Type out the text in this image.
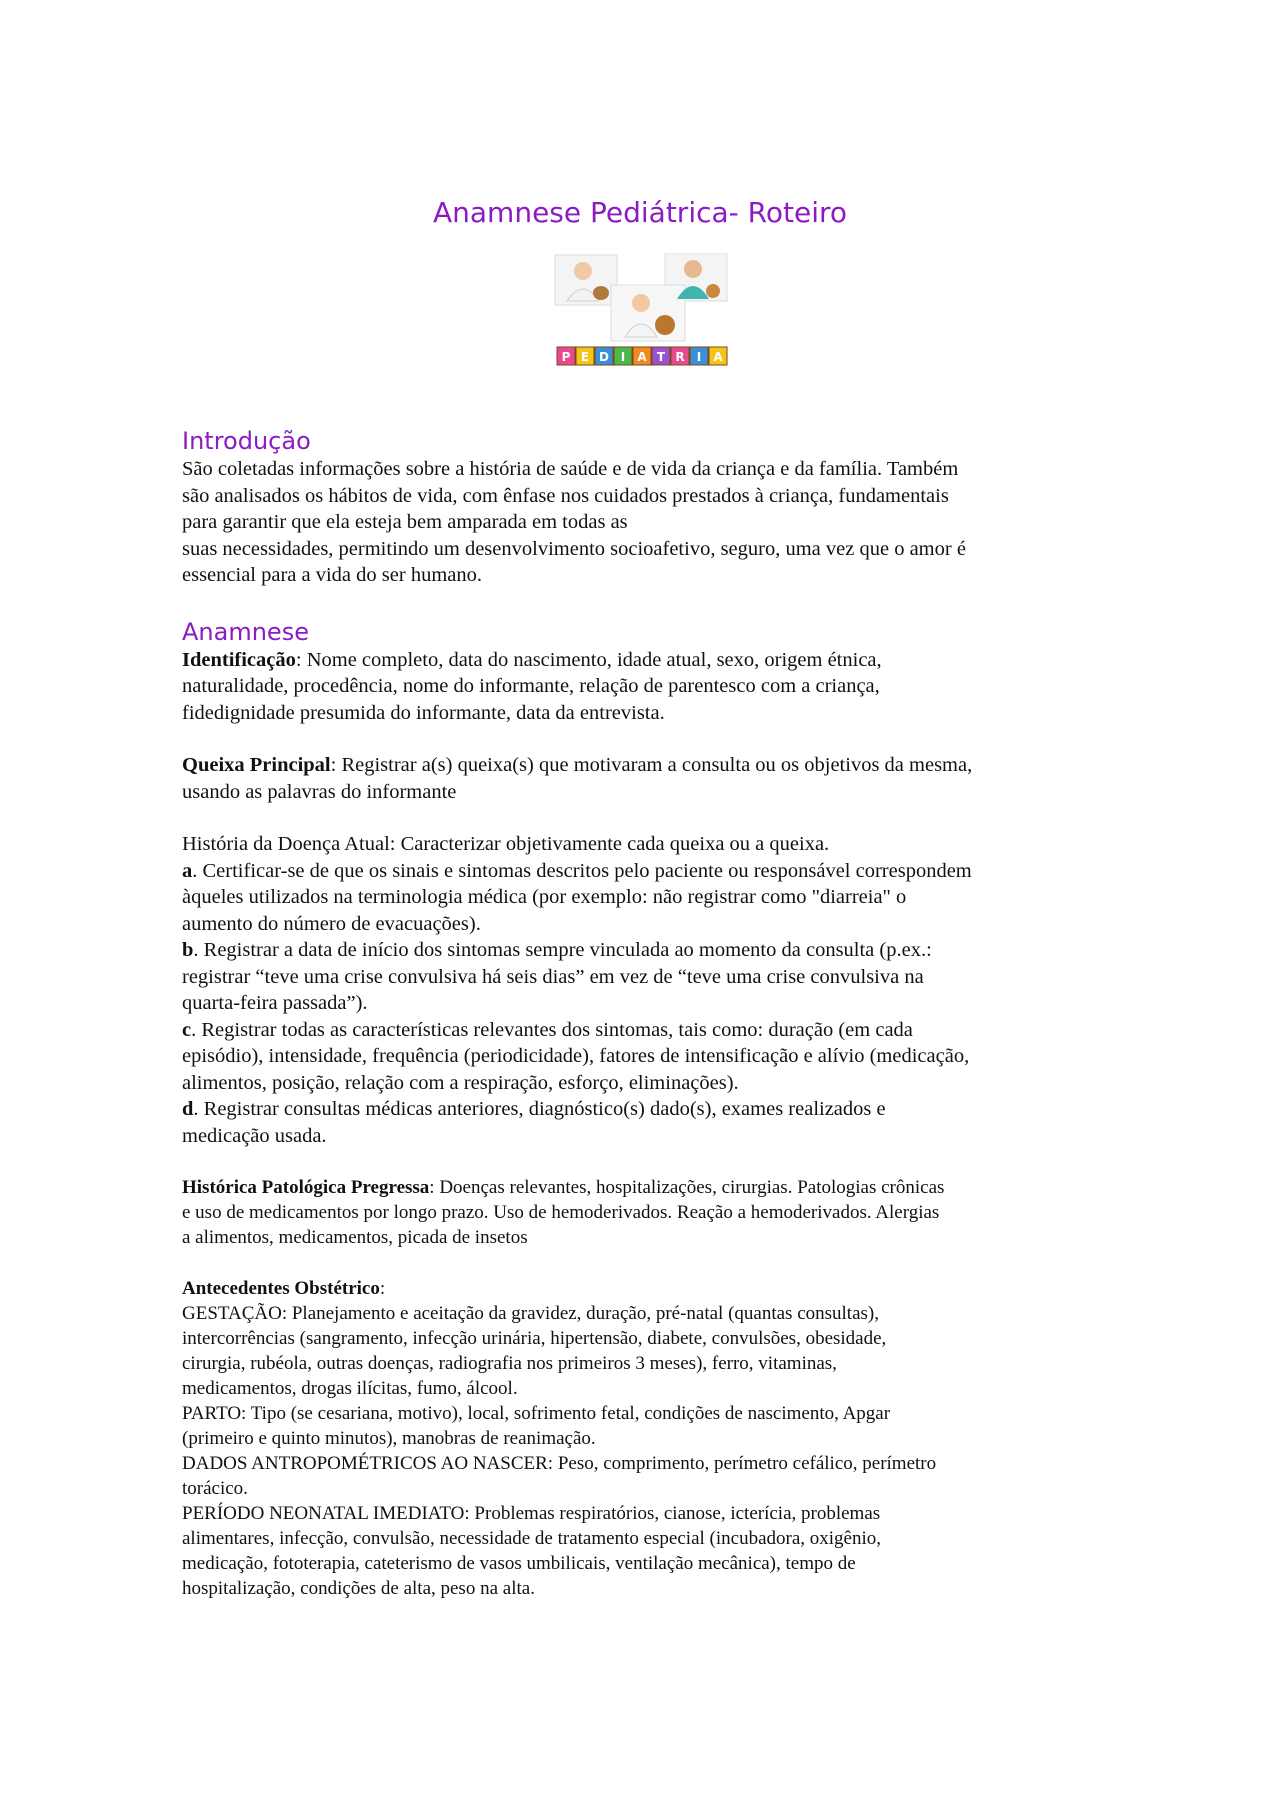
Anamnese Pediátrica- Roteiro
P E D I A T R I A
Introdução

São coletadas informações sobre a história de saúde e de vida da criança e da família. Também

são analisados os hábitos de vida, com ênfase nos cuidados prestados à criança, fundamentais

para garantir que ela esteja bem amparada em todas as

suas necessidades, permitindo um desenvolvimento socioafetivo, seguro, uma vez que o amor é

essencial para a vida do ser humano.

Anamnese

Identificação: Nome completo, data do nascimento, idade atual, sexo, origem étnica,

naturalidade, procedência, nome do informante, relação de parentesco com a criança,

fidedignidade presumida do informante, data da entrevista.

Queixa Principal: Registrar a(s) queixa(s) que motivaram a consulta ou os objetivos da mesma,

usando as palavras do informante

História da Doença Atual: Caracterizar objetivamente cada queixa ou a queixa.

a. Certificar-se de que os sinais e sintomas descritos pelo paciente ou responsável correspondem

àqueles utilizados na terminologia médica (por exemplo: não registrar como "diarreia" o

aumento do número de evacuações).

b. Registrar a data de início dos sintomas sempre vinculada ao momento da consulta (p.ex.:

registrar “teve uma crise convulsiva há seis dias” em vez de “teve uma crise convulsiva na

quarta-feira passada”).

c. Registrar todas as características relevantes dos sintomas, tais como: duração (em cada

episódio), intensidade, frequência (periodicidade), fatores de intensificação e alívio (medicação,

alimentos, posição, relação com a respiração, esforço, eliminações).

d. Registrar consultas médicas anteriores, diagnóstico(s) dado(s), exames realizados e

medicação usada.

Histórica Patológica Pregressa: Doenças relevantes, hospitalizações, cirurgias. Patologias crônicas

e uso de medicamentos por longo prazo. Uso de hemoderivados. Reação a hemoderivados. Alergias

a alimentos, medicamentos, picada de insetos

Antecedentes Obstétrico:

GESTAÇÃO: Planejamento e aceitação da gravidez, duração, pré-natal (quantas consultas),

intercorrências (sangramento, infecção urinária, hipertensão, diabete, convulsões, obesidade,

cirurgia, rubéola, outras doenças, radiografia nos primeiros 3 meses), ferro, vitaminas,

medicamentos, drogas ilícitas, fumo, álcool.

PARTO: Tipo (se cesariana, motivo), local, sofrimento fetal, condições de nascimento, Apgar

(primeiro e quinto minutos), manobras de reanimação.

DADOS ANTROPOMÉTRICOS AO NASCER: Peso, comprimento, perímetro cefálico, perímetro

torácico.

PERÍODO NEONATAL IMEDIATO: Problemas respiratórios, cianose, icterícia, problemas

alimentares, infecção, convulsão, necessidade de tratamento especial (incubadora, oxigênio,

medicação, fototerapia, cateterismo de vasos umbilicais, ventilação mecânica), tempo de

hospitalização, condições de alta, peso na alta.
